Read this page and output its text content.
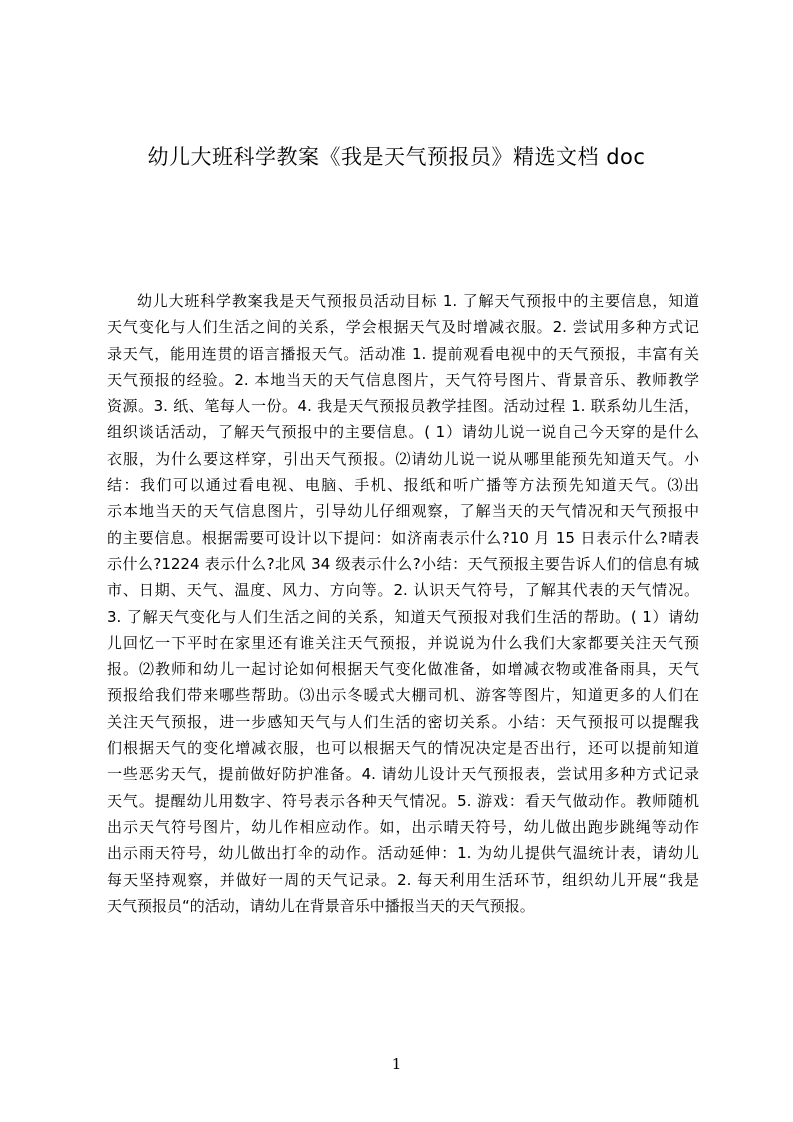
幼儿大班科学教案《我是天气预报员》精选文档 doc
幼儿大班科学教案我是天气预报员活动目标 1. 了解天气预报中的主要信息，知道
天气变化与人们生活之间的关系，学会根据天气及时增减衣服。2. 尝试用多种方式记
录天气，能用连贯的语言播报天气。活动准 1. 提前观看电视中的天气预报，丰富有关
天气预报的经验。2. 本地当天的天气信息图片，天气符号图片、背景音乐、教师教学
资源。3. 纸、笔每人一份。4. 我是天气预报员教学挂图。活动过程 1. 联系幼儿生活，
组织谈话活动，了解天气预报中的主要信息。( 1）请幼儿说一说自己今天穿的是什么
衣服，为什么要这样穿，引出天气预报。⑵请幼儿说一说从哪里能预先知道天气。小
结：我们可以通过看电视、电脑、手机、报纸和听广播等方法预先知道天气。⑶出
示本地当天的天气信息图片，引导幼儿仔细观察，了解当天的天气情况和天气预报中
的主要信息。根据需要可设计以下提问：如济南表示什么?10 月 15 日表示什么?晴表
示什么?1224 表示什么?北风 34 级表示什么?小结：天气预报主要告诉人们的信息有城
市、日期、天气、温度、风力、方向等。2. 认识天气符号，了解其代表的天气情况。
3. 了解天气变化与人们生活之间的关系，知道天气预报对我们生活的帮助。( 1）请幼
儿回忆一下平时在家里还有谁关注天气预报，并说说为什么我们大家都要关注天气预
报。⑵教师和幼儿一起讨论如何根据天气变化做准备，如增减衣物或准备雨具，天气
预报给我们带来哪些帮助。⑶出示冬暖式大棚司机、游客等图片，知道更多的人们在
关注天气预报，进一步感知天气与人们生活的密切关系。小结：天气预报可以提醒我
们根据天气的变化增减衣服，也可以根据天气的情况决定是否出行，还可以提前知道
一些恶劣天气，提前做好防护准备。4. 请幼儿设计天气预报表，尝试用多种方式记录
天气。提醒幼儿用数字、符号表示各种天气情况。5. 游戏：看天气做动作。教师随机
出示天气符号图片，幼儿作相应动作。如，出示晴天符号，幼儿做出跑步跳绳等动作
出示雨天符号，幼儿做出打伞的动作。活动延伸：1. 为幼儿提供气温统计表，请幼儿
每天坚持观察，并做好一周的天气记录。2. 每天利用生活环节，组织幼儿开展“我是
天气预报员“的活动，请幼儿在背景音乐中播报当天的天气预报。
1
